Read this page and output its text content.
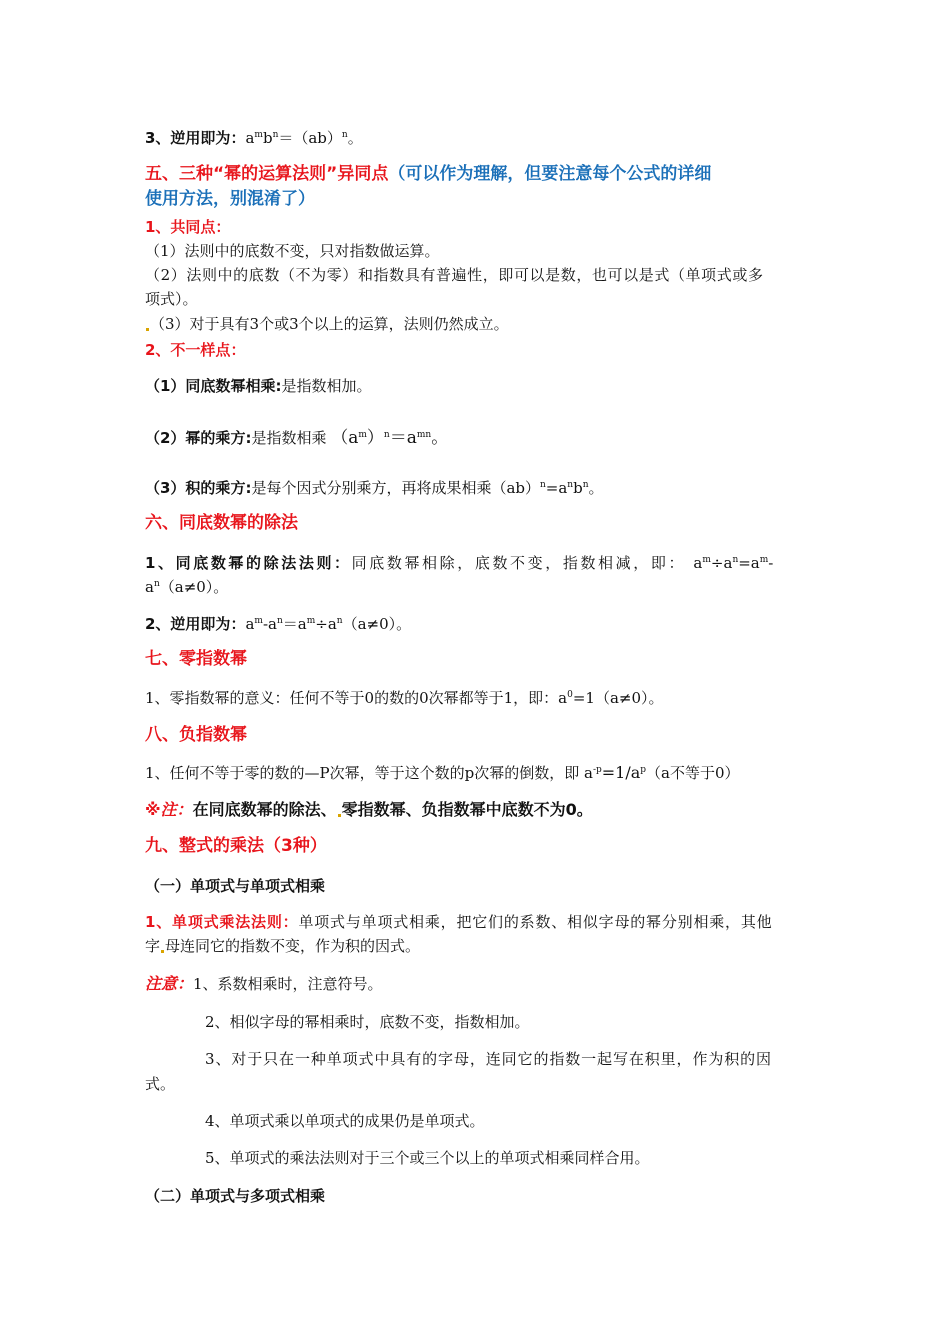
3、逆用即为：$a^mb^n=(ab)^n$。
五、三种“幂的运算法则”异同点（可以作为理解，但要注意每个公式的详细
使用方法，别混淆了）
1、共同点：
（1）法则中的底数不变，只对指数做运算。
（2）法则中的底数（不为零）和指数具有普遍性，即可以是数，也可以是式（单项式或多
项式）。
（3）对于具有3个或3个以上的运算，法则仍然成立。
2、不一样点：
（1）同底数幂相乘:是指数相加。
（2）幂的乘方:是指数相乘 $(a^m)^n=a^{mn}$。
（3）积的乘方:是每个因式分别乘方，再将成果相乘$(ab)^n=a^nb^n$。
六、同底数幂的除法
1、同底数幂的除法法则：同底数幂相除，底数不变，指数相减，即： $a^m\div a^n=a^m-$
$a^n(a\ne 0)$。
2、逆用即为：$a^m-a^n=a^m\div a^n(a\ne 0)$。
七、零指数幂
1、零指数幂的意义：任何不等于0的数的0次幂都等于1，即：$a^0=1(a\ne 0)$。
八、负指数幂
1、任何不等于零的数的—P次幂，等于这个数的p次幂的倒数，即 $a^{-p}=1/a^p(a$不等于0）
※注：在同底数幂的除法、 零指数幂、负指数幂中底数不为0。
九、整式的乘法（3种）
（一）单项式与单项式相乘
1、单项式乘法法则：单项式与单项式相乘，把它们的系数、相似字母的幂分别相乘，其他
字 母连同它的指数不变，作为积的因式。
注意：1、系数相乘时，注意符号。
2、相似字母的幂相乘时，底数不变，指数相加。
3、对于只在一种单项式中具有的字母，连同它的指数一起写在积里，作为积的因
式。
4、单项式乘以单项式的成果仍是单项式。
5、单项式的乘法法则对于三个或三个以上的单项式相乘同样合用。
（二）单项式与多项式相乘
